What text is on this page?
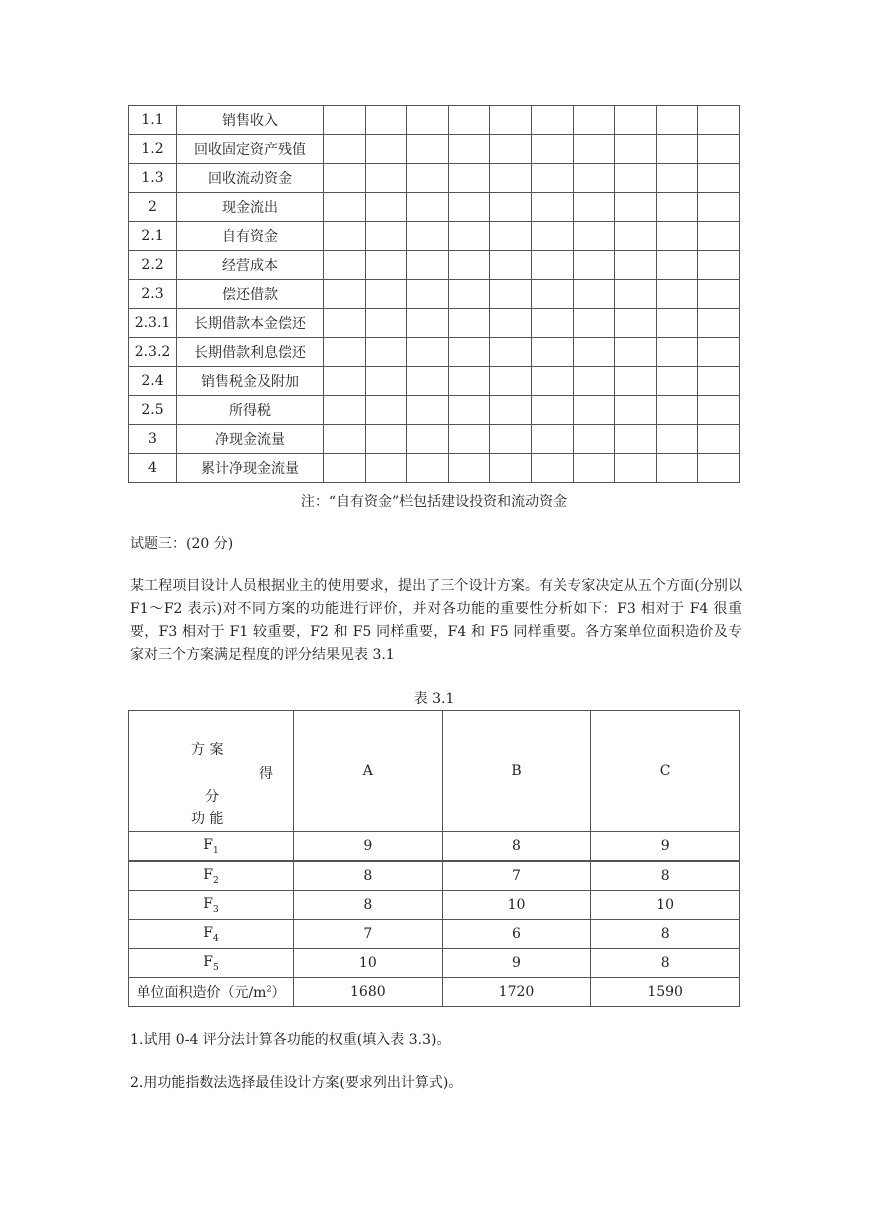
1.1	销售收入										
1.2	回收固定资产残值										
1.3	回收流动资金										
2	现金流出										
2.1	自有资金										
2.2	经营成本										
2.3	偿还借款										
2.3.1	长期借款本金偿还										
2.3.2	长期借款利息偿还										
2.4	销售税金及附加										
2.5	所得税										
3	净现金流量										
4	累计净现金流量										
注：“自有资金”栏包括建设投资和流动资金
试题三：(20 分)
某工程项目设计人员根据业主的使用要求，提出了三个设计方案。有关专家决定从五个方面(分别以 F1～F2 表示)对不同方案的功能进行评价，并对各功能的重要性分析如下：F3 相对于 F4 很重要，F3 相对于 F1 较重要，F2 和 F5 同样重要，F4 和 F5 同样重要。各方案单位面积造价及专家对三个方案满足程度的评分结果见表 3.1
表 3.1
方 案
得
分
功 能	A	B	C
$F_1$	9	8	9
$F_2$	8	7	8
$F_3$	8	10	10
$F_4$	7	6	8
$F_5$	10	9	8
单位面积造价（元$/m^2$）	1680	1720	1590
1.试用 0-4 评分法计算各功能的权重(填入表 3.3)。
2.用功能指数法选择最佳设计方案(要求列出计算式)。
